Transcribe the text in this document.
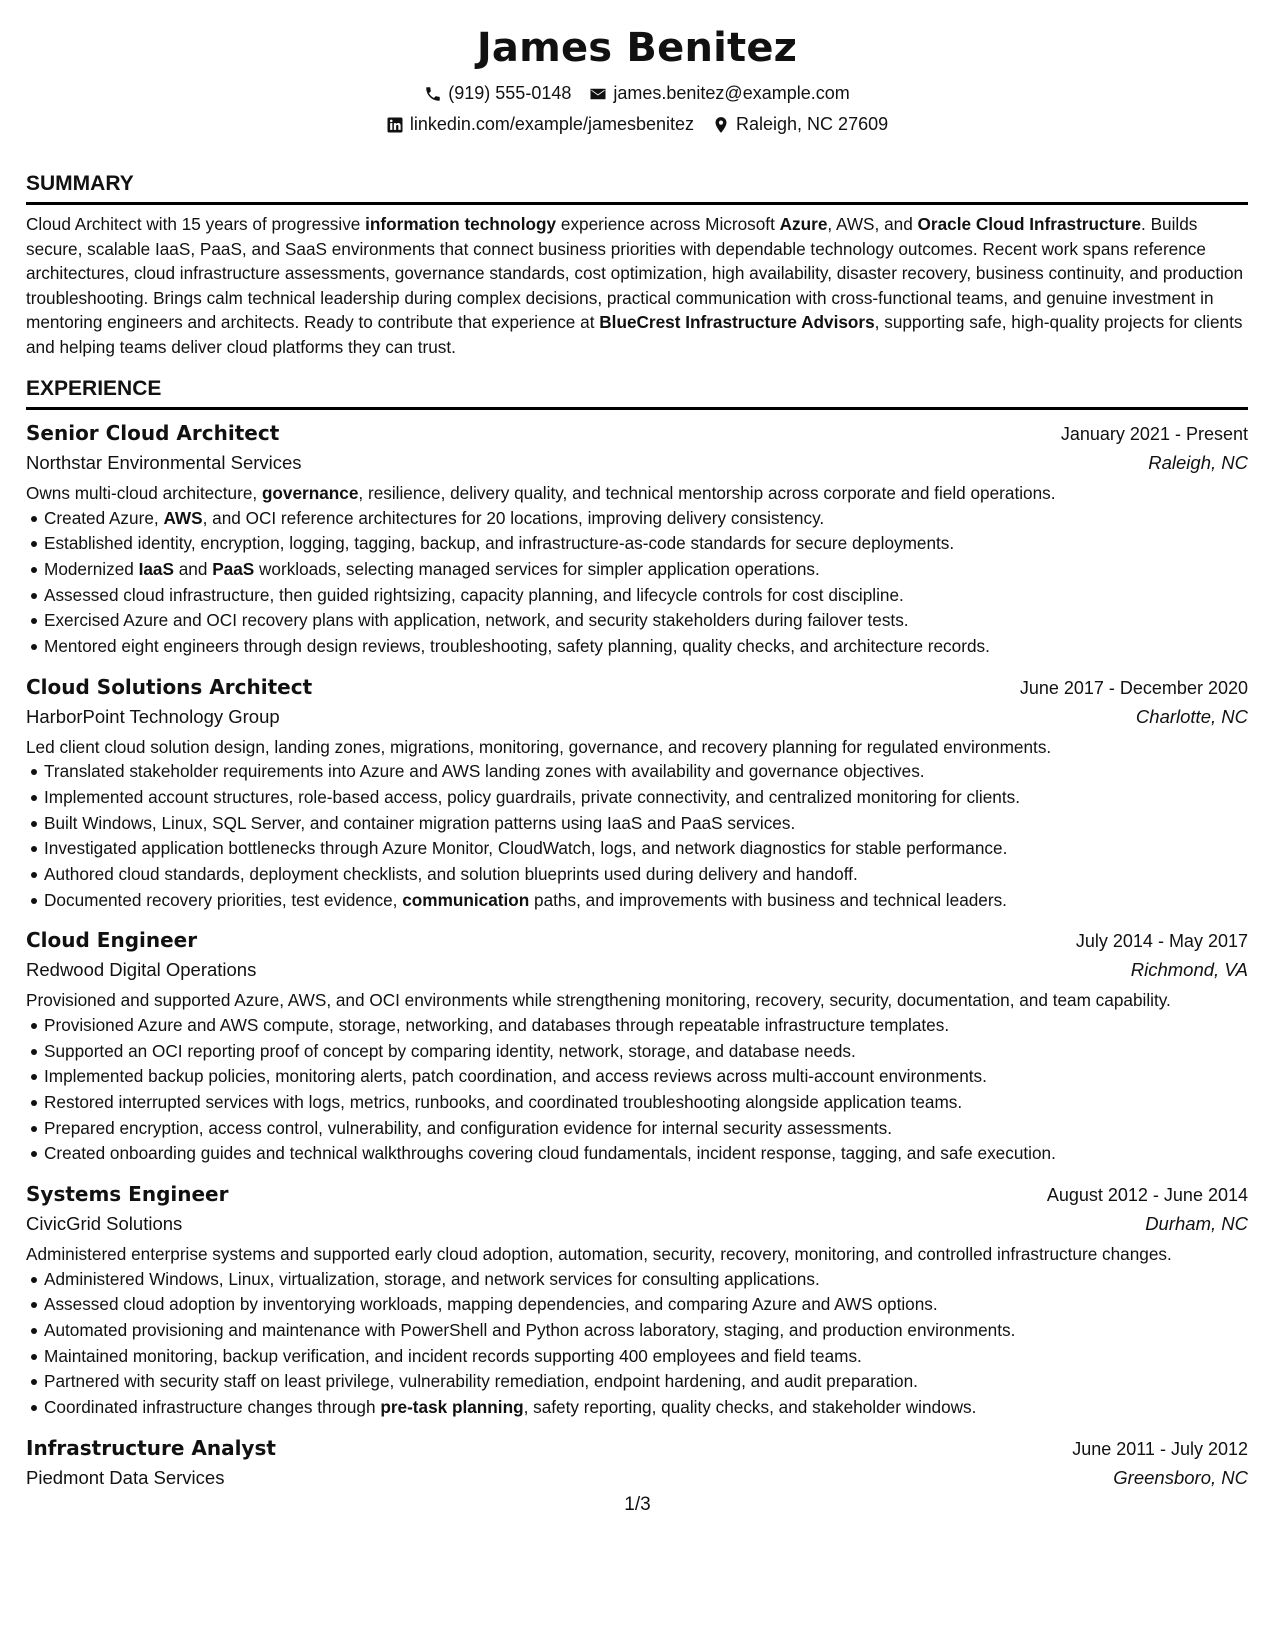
James Benitez
(919) 555-0148 james.benitez@example.com
linkedin.com/example/jamesbenitez Raleigh, NC 27609
SUMMARY
Cloud Architect with 15 years of progressive information technology experience across Microsoft Azure, AWS, and Oracle Cloud Infrastructure. Builds secure, scalable IaaS, PaaS, and SaaS environments that connect business priorities with dependable technology outcomes. Recent work spans reference architectures, cloud infrastructure assessments, governance standards, cost optimization, high availability, disaster recovery, business continuity, and production troubleshooting. Brings calm technical leadership during complex decisions, practical communication with cross-functional teams, and genuine investment in mentoring engineers and architects. Ready to contribute that experience at BlueCrest Infrastructure Advisors, supporting safe, high-quality projects for clients and helping teams deliver cloud platforms they can trust.
EXPERIENCE
Senior Cloud Architect	January 2021 - Present
Northstar Environmental Services	Raleigh, NC
Owns multi-cloud architecture, governance, resilience, delivery quality, and technical mentorship across corporate and field operations.
Created Azure, AWS, and OCI reference architectures for 20 locations, improving delivery consistency.
Established identity, encryption, logging, tagging, backup, and infrastructure-as-code standards for secure deployments.
Modernized IaaS and PaaS workloads, selecting managed services for simpler application operations.
Assessed cloud infrastructure, then guided rightsizing, capacity planning, and lifecycle controls for cost discipline.
Exercised Azure and OCI recovery plans with application, network, and security stakeholders during failover tests.
Mentored eight engineers through design reviews, troubleshooting, safety planning, quality checks, and architecture records.
Cloud Solutions Architect	June 2017 - December 2020
HarborPoint Technology Group	Charlotte, NC
Led client cloud solution design, landing zones, migrations, monitoring, governance, and recovery planning for regulated environments.
Translated stakeholder requirements into Azure and AWS landing zones with availability and governance objectives.
Implemented account structures, role-based access, policy guardrails, private connectivity, and centralized monitoring for clients.
Built Windows, Linux, SQL Server, and container migration patterns using IaaS and PaaS services.
Investigated application bottlenecks through Azure Monitor, CloudWatch, logs, and network diagnostics for stable performance.
Authored cloud standards, deployment checklists, and solution blueprints used during delivery and handoff.
Documented recovery priorities, test evidence, communication paths, and improvements with business and technical leaders.
Cloud Engineer	July 2014 - May 2017
Redwood Digital Operations	Richmond, VA
Provisioned and supported Azure, AWS, and OCI environments while strengthening monitoring, recovery, security, documentation, and team capability.
Provisioned Azure and AWS compute, storage, networking, and databases through repeatable infrastructure templates.
Supported an OCI reporting proof of concept by comparing identity, network, storage, and database needs.
Implemented backup policies, monitoring alerts, patch coordination, and access reviews across multi-account environments.
Restored interrupted services with logs, metrics, runbooks, and coordinated troubleshooting alongside application teams.
Prepared encryption, access control, vulnerability, and configuration evidence for internal security assessments.
Created onboarding guides and technical walkthroughs covering cloud fundamentals, incident response, tagging, and safe execution.
Systems Engineer	August 2012 - June 2014
CivicGrid Solutions	Durham, NC
Administered enterprise systems and supported early cloud adoption, automation, security, recovery, monitoring, and controlled infrastructure changes.
Administered Windows, Linux, virtualization, storage, and network services for consulting applications.
Assessed cloud adoption by inventorying workloads, mapping dependencies, and comparing Azure and AWS options.
Automated provisioning and maintenance with PowerShell and Python across laboratory, staging, and production environments.
Maintained monitoring, backup verification, and incident records supporting 400 employees and field teams.
Partnered with security staff on least privilege, vulnerability remediation, endpoint hardening, and audit preparation.
Coordinated infrastructure changes through pre-task planning, safety reporting, quality checks, and stakeholder windows.
Infrastructure Analyst	June 2011 - July 2012
Piedmont Data Services	Greensboro, NC
1/3
